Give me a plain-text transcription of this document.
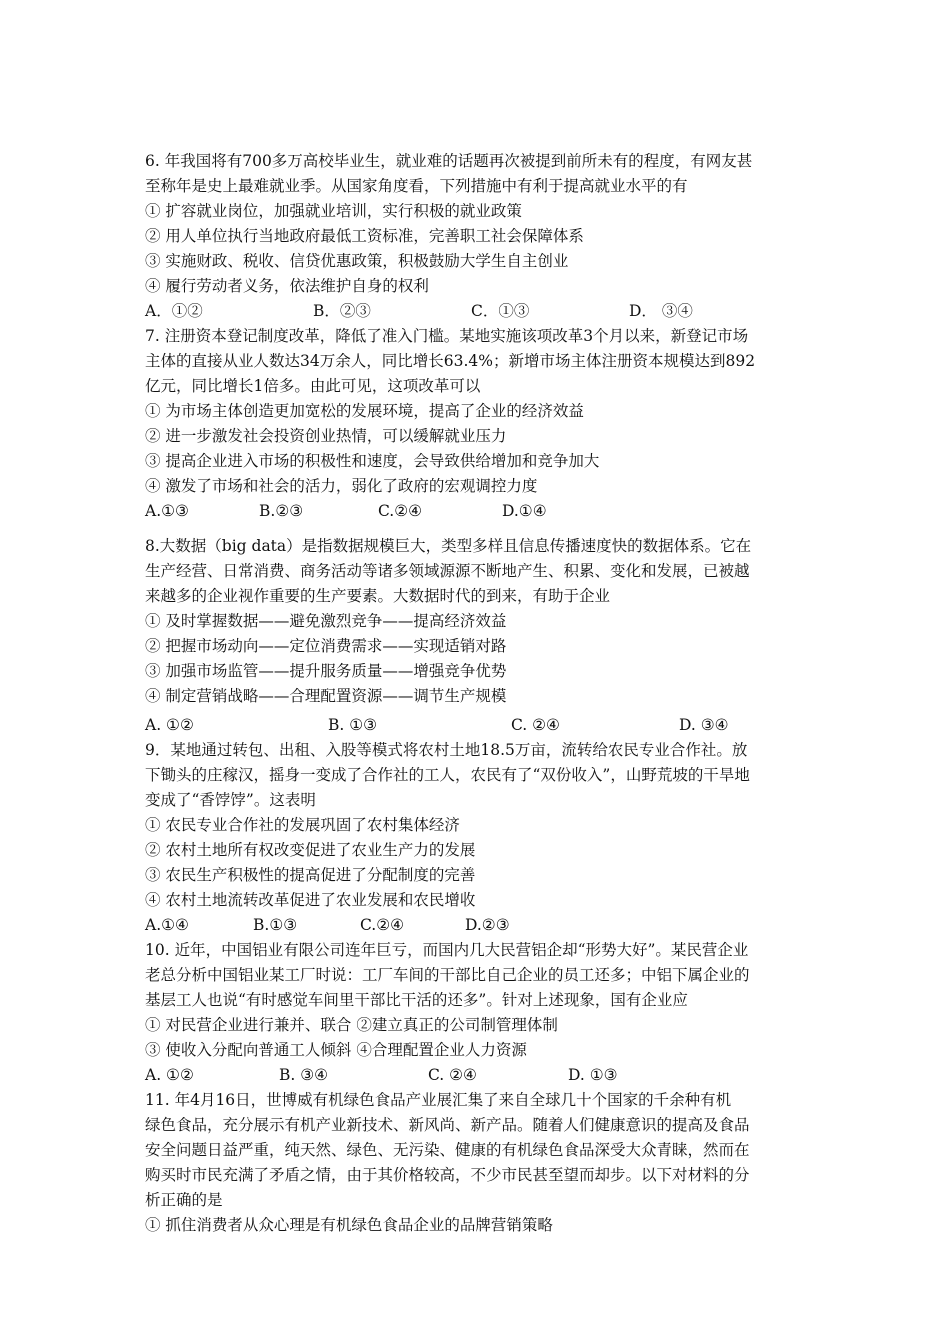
6. 年我国将有700多万高校毕业生，就业难的话题再次被提到前所未有的程度，有网友甚
至称年是史上最难就业季。从国家角度看，下列措施中有利于提高就业水平的有
① 扩容就业岗位，加强就业培训，实行积极的就业政策
② 用人单位执行当地政府最低工资标准，完善职工社会保障体系
③ 实施财政、税收、信贷优惠政策，积极鼓励大学生自主创业
④ 履行劳动者义务，依法维护自身的权利
A．①②	B．②③	C．①③	D． ③④
7. 注册资本登记制度改革，降低了准入门槛。某地实施该项改革3个月以来，新登记市场
主体的直接从业人数达34万余人，同比增长63.4%；新增市场主体注册资本规模达到892
亿元，同比增长1倍多。由此可见，这项改革可以
① 为市场主体创造更加宽松的发展环境，提高了企业的经济效益
② 进一步激发社会投资创业热情，可以缓解就业压力
③ 提高企业进入市场的积极性和速度，会导致供给增加和竞争加大
④ 激发了市场和社会的活力，弱化了政府的宏观调控力度
A.①③	B.②③	C.②④	D.①④
8.大数据（big data）是指数据规模巨大，类型多样且信息传播速度快的数据体系。它在
生产经营、日常消费、商务活动等诸多领域源源不断地产生、积累、变化和发展，已被越
来越多的企业视作重要的生产要素。大数据时代的到来，有助于企业
① 及时掌握数据——避免激烈竞争——提高经济效益
② 把握市场动向——定位消费需求——实现适销对路
③ 加强市场监管——提升服务质量——增强竞争优势
④ 制定营销战略——合理配置资源——调节生产规模
A. ①②	B. ①③	C. ②④	D. ③④
9．某地通过转包、出租、入股等模式将农村土地18.5万亩，流转给农民专业合作社。放
下锄头的庄稼汉，摇身一变成了合作社的工人，农民有了“双份收入”，山野荒坡的干旱地
变成了“香饽饽”。这表明
① 农民专业合作社的发展巩固了农村集体经济
② 农村土地所有权改变促进了农业生产力的发展
③ 农民生产积极性的提高促进了分配制度的完善
④ 农村土地流转改革促进了农业发展和农民增收
A.①④	B.①③	C.②④	D.②③
10. 近年，中国铝业有限公司连年巨亏，而国内几大民营铝企却“形势大好”。某民营企业
老总分析中国铝业某工厂时说：工厂车间的干部比自己企业的员工还多；中铝下属企业的
基层工人也说“有时感觉车间里干部比干活的还多”。针对上述现象，国有企业应
① 对民营企业进行兼并、联合 ②建立真正的公司制管理体制
③ 使收入分配向普通工人倾斜 ④合理配置企业人力资源
A. ①②	B. ③④	C. ②④	D. ①③
11. 年4月16日，世博威有机绿色食品产业展汇集了来自全球几十个国家的千余种有机
绿色食品，充分展示有机产业新技术、新风尚、新产品。随着人们健康意识的提高及食品
安全问题日益严重，纯天然、绿色、无污染、健康的有机绿色食品深受大众青睐，然而在
购买时市民充满了矛盾之情，由于其价格较高，不少市民甚至望而却步。以下对材料的分
析正确的是
① 抓住消费者从众心理是有机绿色食品企业的品牌营销策略
